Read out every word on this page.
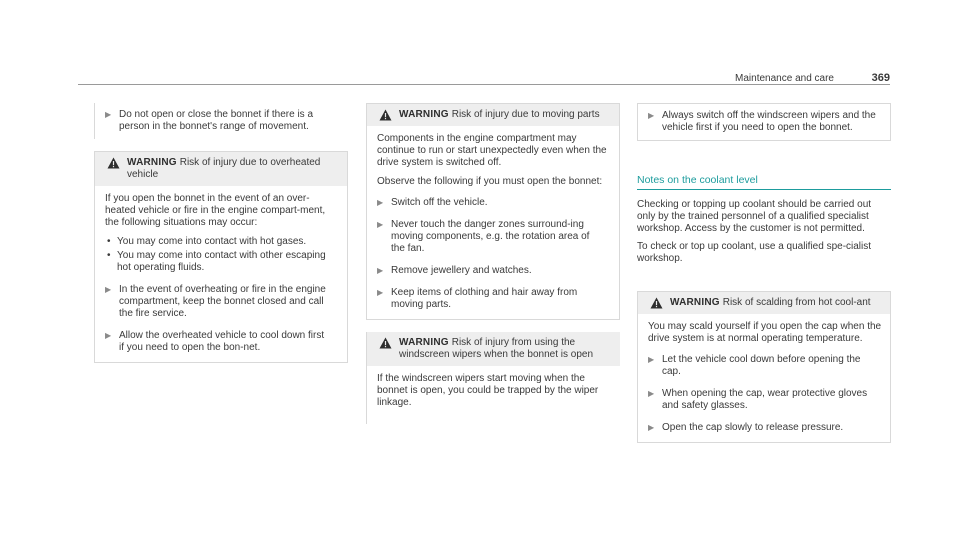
Maintenance and care	369
▶ Do not open or close the bonnet if there is a person in the bonnet's range of movement.
WARNING Risk of injury due to overheated vehicle

If you open the bonnet in the event of an over-heated vehicle or fire in the engine compart-ment, the following situations may occur:

• You may come into contact with hot gases.
• You may come into contact with other escaping hot operating fluids.
▶ In the event of overheating or fire in the engine compartment, keep the bonnet closed and call the fire service.
▶ Allow the overheated vehicle to cool down first if you need to open the bon-net.
WARNING Risk of injury due to moving parts

Components in the engine compartment may continue to run or start unexpectedly even when the drive system is switched off.

Observe the following if you must open the bonnet:

▶ Switch off the vehicle.
▶ Never touch the danger zones surround-ing moving components, e.g. the rotation area of the fan.
▶ Remove jewellery and watches.
▶ Keep items of clothing and hair away from moving parts.
WARNING Risk of injury from using the windscreen wipers when the bonnet is open

If the windscreen wipers start moving when the bonnet is open, you could be trapped by the wiper linkage.

▶ Always switch off the windscreen wipers and the vehicle first if you need to open the bonnet.
Notes on the coolant level

Checking or topping up coolant should be carried out only by the trained personnel of a qualified specialist workshop. Access by the customer is not permitted.

To check or top up coolant, use a qualified spe-cialist workshop.

WARNING Risk of scalding from hot cool-ant

You may scald yourself if you open the cap when the drive system is at normal operating temperature.

▶ Let the vehicle cool down before opening the cap.
▶ When opening the cap, wear protective gloves and safety glasses.
▶ Open the cap slowly to release pressure.
